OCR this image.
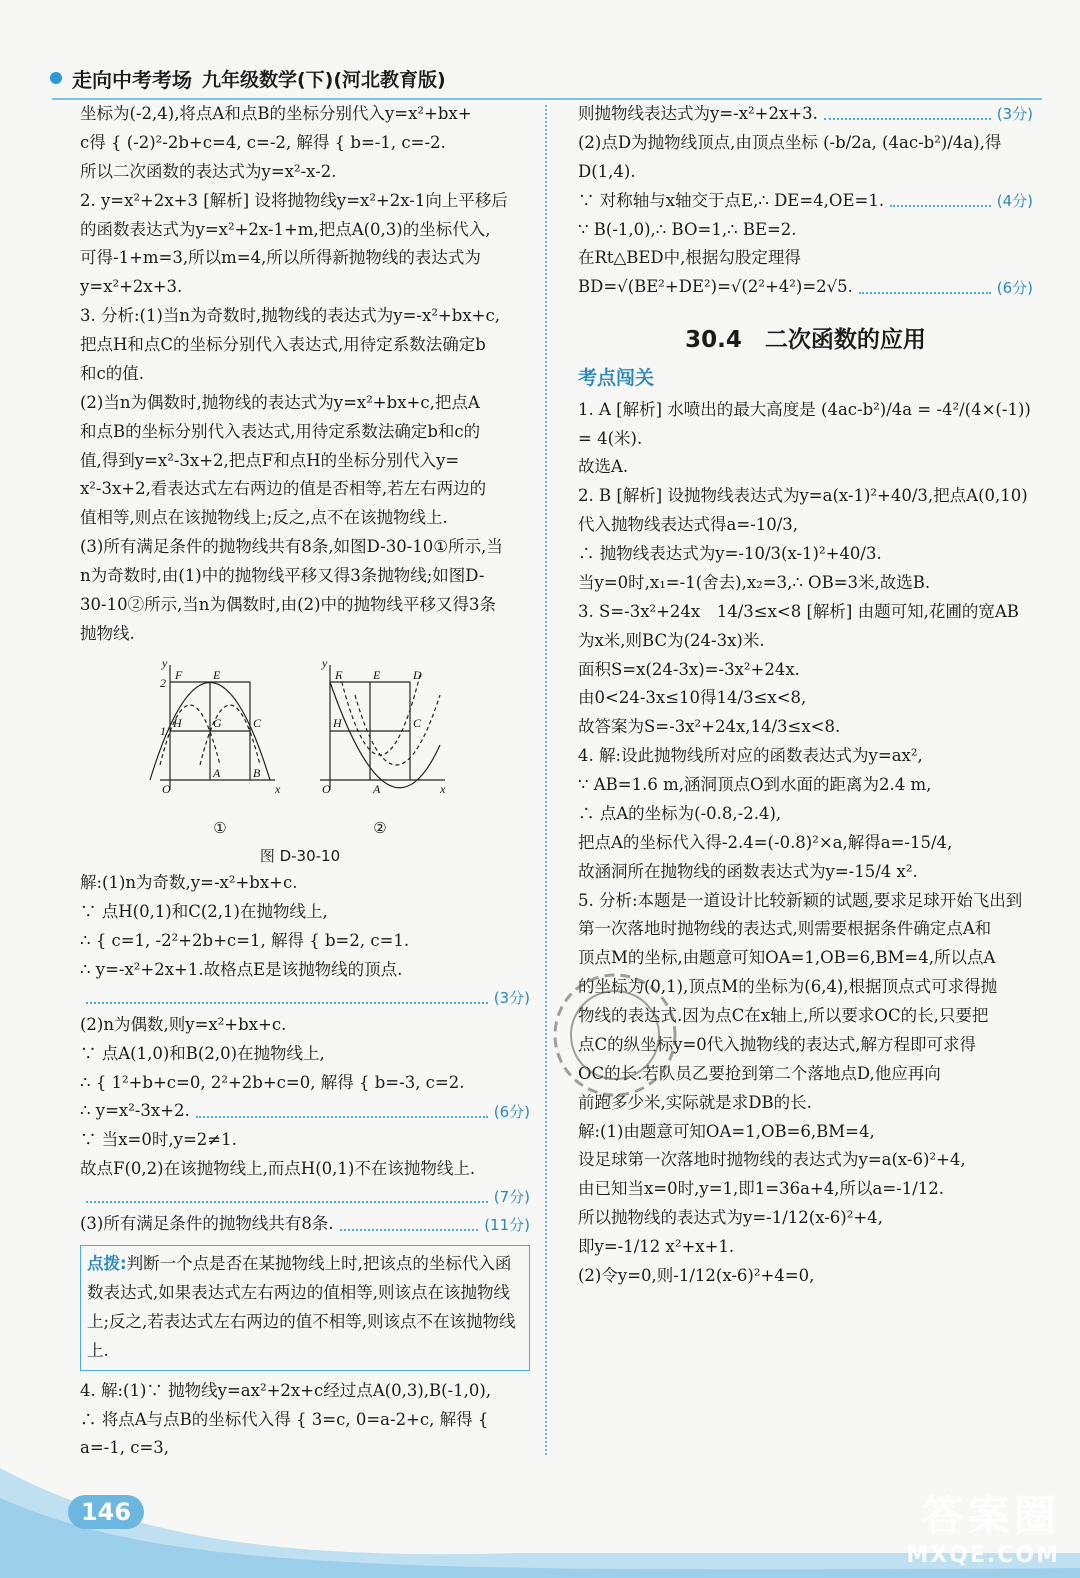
走向中考考场 九年级数学(下)(河北教育版)

坐标为(-2,4),将点A和点B的坐标分别代入y=x²+bx+

c得 { (-2)²-2b+c=4, c=-2, 解得 { b=-1, c=-2.

所以二次函数的表达式为y=x²-x-2.

2. y=x²+2x+3 [解析] 设将抛物线y=x²+2x-1向上平移后

的函数表达式为y=x²+2x-1+m,把点A(0,3)的坐标代入,

可得-1+m=3,所以m=4,所以所得新抛物线的表达式为

y=x²+2x+3.

3. 分析:(1)当n为奇数时,抛物线的表达式为y=-x²+bx+c,

把点H和点C的坐标分别代入表达式,用待定系数法确定b

和c的值.

(2)当n为偶数时,抛物线的表达式为y=x²+bx+c,把点A

和点B的坐标分别代入表达式,用待定系数法确定b和c的

值,得到y=x²-3x+2,把点F和点H的坐标分别代入y=

x²-3x+2,看表达式左右两边的值是否相等,若左右两边的

值相等,则点在该抛物线上;反之,点不在该抛物线上.

(3)所有满足条件的抛物线共有8条,如图D-30-10①所示,当

n为奇数时,由(1)中的抛物线平移又得3条抛物线;如图D-

30-10②所示,当n为偶数时,由(2)中的抛物线平移又得3条

抛物线.

y
F	E
2
1
H	G	C
B
O
A
x
y
F	E	D
H	C
O	A	x
①	②
图 D-30-10

解:(1)n为奇数,y=-x²+bx+c.

∵ 点H(0,1)和C(2,1)在抛物线上,

∴ { c=1, -2²+2b+c=1, 解得 { b=2, c=1.

∴ y=-x²+2x+1.故格点E是该抛物线的顶点.

(3分)

(2)n为偶数,则y=x²+bx+c.

∵ 点A(1,0)和B(2,0)在抛物线上,

∴ { 1²+b+c=0, 2²+2b+c=0, 解得 { b=-3, c=2.

∴ y=x²-3x+2.	(6分)

∵ 当x=0时,y=2≠1.

故点F(0,2)在该抛物线上,而点H(0,1)不在该抛物线上.

(7分)
(3)所有满足条件的抛物线共有8条.	(11分)
点拨:判断一个点是否在某抛物线上时,把该点的坐标代入函数表达式,如果表达式左右两边的值相等,则该点在该抛物线上;反之,若表达式左右两边的值不相等,则该点不在该抛物线上.

4. 解:(1)∵ 抛物线y=ax²+2x+c经过点A(0,3),B(-1,0),

∴ 将点A与点B的坐标代入得 { 3=c, 0=a-2+c, 解得 { a=-1, c=3,

则抛物线表达式为y=-x²+2x+3.	(3分)

(2)点D为抛物线顶点,由顶点坐标 (-b/2a, (4ac-b²)/4a),得

D(1,4).

∵ 对称轴与x轴交于点E,∴ DE=4,OE=1.	(4分)

∵ B(-1,0),∴ BO=1,∴ BE=2.

在Rt△BED中,根据勾股定理得

BD=√(BE²+DE²)=√(2²+4²)=2√5.	(6分)
30.4　二次函数的应用
考点闯关

1. A [解析] 水喷出的最大高度是 (4ac-b²)/4a = -4²/(4×(-1)) = 4(米).

故选A.

2. B [解析] 设抛物线表达式为y=a(x-1)²+40/3,把点A(0,10)

代入抛物线表达式得a=-10/3,

∴ 抛物线表达式为y=-10/3(x-1)²+40/3.

当y=0时,x₁=-1(舍去),x₂=3,∴ OB=3米,故选B.

3. S=-3x²+24x　14/3≤x<8 [解析] 由题可知,花圃的宽AB

为x米,则BC为(24-3x)米.

面积S=x(24-3x)=-3x²+24x.

由0<24-3x≤10得14/3≤x<8,

故答案为S=-3x²+24x,14/3≤x<8.

4. 解:设此抛物线所对应的函数表达式为y=ax²,

∵ AB=1.6 m,涵洞顶点O到水面的距离为2.4 m,

∴ 点A的坐标为(-0.8,-2.4),

把点A的坐标代入得-2.4=(-0.8)²×a,解得a=-15/4,

故涵洞所在抛物线的函数表达式为y=-15/4 x².

5. 分析:本题是一道设计比较新颖的试题,要求足球开始飞出到

第一次落地时抛物线的表达式,则需要根据条件确定点A和

顶点M的坐标,由题意可知OA=1,OB=6,BM=4,所以点A

的坐标为(0,1),顶点M的坐标为(6,4),根据顶点式可求得抛

物线的表达式.因为点C在x轴上,所以要求OC的长,只要把

点C的纵坐标y=0代入抛物线的表达式,解方程即可求得

OC的长.若队员乙要抢到第二个落地点D,他应再向

前跑多少米,实际就是求DB的长.

解:(1)由题意可知OA=1,OB=6,BM=4,

设足球第一次落地时抛物线的表达式为y=a(x-6)²+4,

由已知当x=0时,y=1,即1=36a+4,所以a=-1/12.

所以抛物线的表达式为y=-1/12(x-6)²+4,

即y=-1/12 x²+x+1.

(2)令y=0,则-1/12(x-6)²+4=0,

146	答案圈
MXQE.COM
